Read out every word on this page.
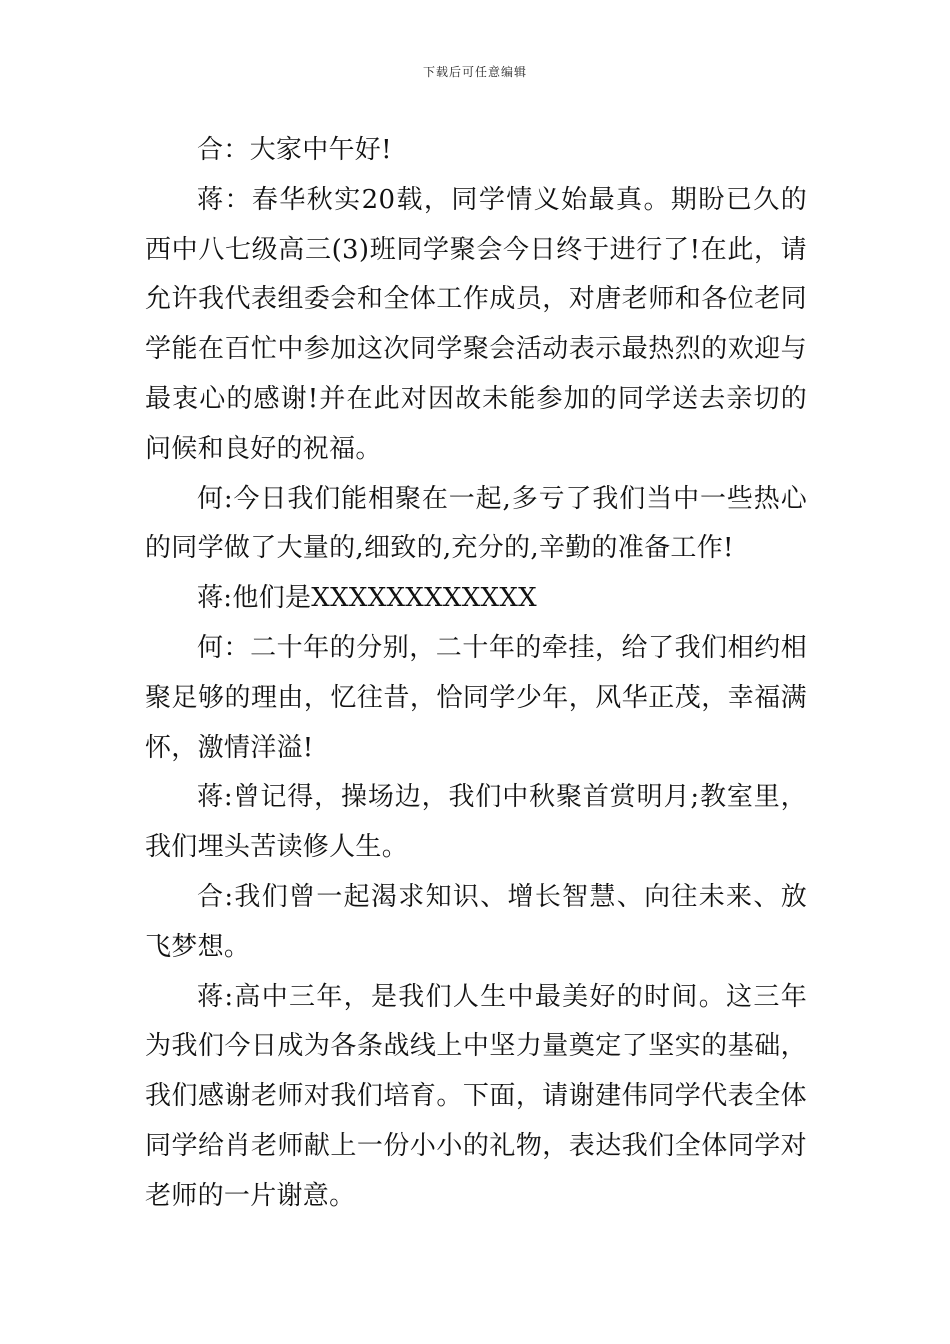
下载后可任意编辑

合：大家中午好!

蒋：春华秋实20载，同学情义始最真。期盼已久的西中八七级高三(3)班同学聚会今日终于进行了!在此，请允许我代表组委会和全体工作成员，对唐老师和各位老同学能在百忙中参加这次同学聚会活动表示最热烈的欢迎与最衷心的感谢!并在此对因故未能参加的同学送去亲切的问候和良好的祝福。

何:今日我们能相聚在一起,多亏了我们当中一些热心的同学做了大量的,细致的,充分的,辛勤的准备工作!

蒋:他们是XXXXXXXXXXXX

何：二十年的分别，二十年的牵挂，给了我们相约相聚足够的理由，忆往昔，恰同学少年，风华正茂，幸福满怀，激情洋溢!

蒋:曾记得，操场边，我们中秋聚首赏明月;教室里，我们埋头苦读修人生。

合:我们曾一起渴求知识、增长智慧、向往未来、放飞梦想。

蒋:高中三年，是我们人生中最美好的时间。这三年为我们今日成为各条战线上中坚力量奠定了坚实的基础，我们感谢老师对我们培育。下面，请谢建伟同学代表全体同学给肖老师献上一份小小的礼物，表达我们全体同学对老师的一片谢意。
